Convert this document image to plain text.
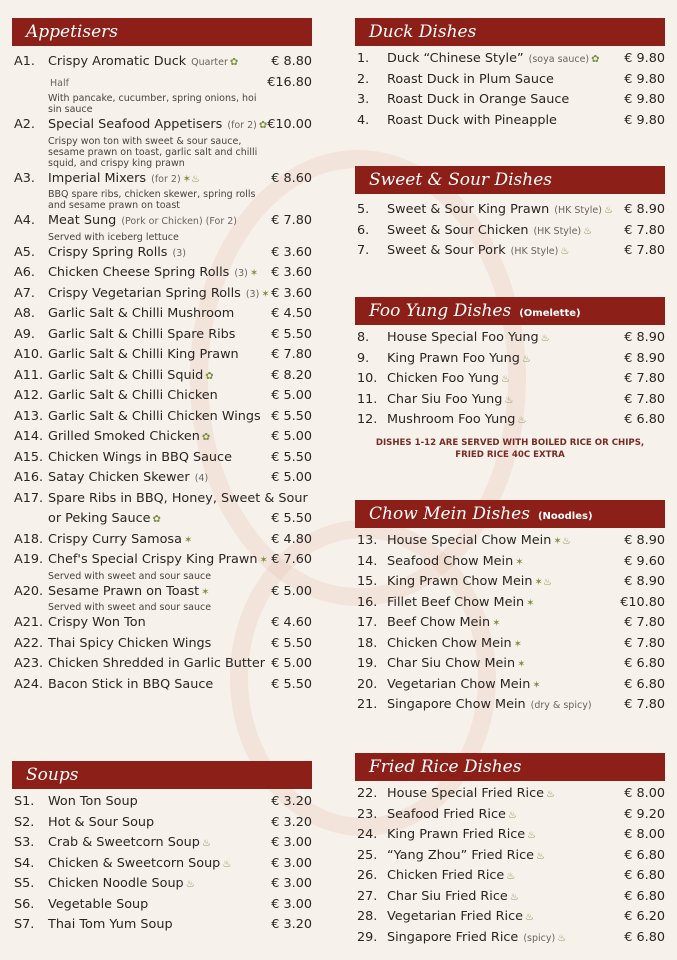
Appetisers
A1. Crispy Aromatic Duck Quarter ✿	€ 8.80
Half	€16.80
With pancake, cucumber, spring onions, hoi sin sauce
A2. Special Seafood Appetisers (for 2) ✿ €10.00
Crispy won ton with sweet & sour sauce, sesame prawn on toast, garlic salt and chilli squid, and crispy king prawn
A3. Imperial Mixers (for 2) ✶♨	€ 8.60
BBQ spare ribs, chicken skewer, spring rolls and sesame prawn on toast
A4. Meat Sung (Pork or Chicken) (For 2)	€ 7.80
Served with iceberg lettuce
A5. Crispy Spring Rolls (3)	€ 3.60
A6. Chicken Cheese Spring Rolls (3) ✶ € 3.60
A7. Crispy Vegetarian Spring Rolls (3) ✶ € 3.60
A8. Garlic Salt & Chilli Mushroom	€ 4.50
A9. Garlic Salt & Chilli Spare Ribs	€ 5.50
A10. Garlic Salt & Chilli King Prawn	€ 7.80
A11. Garlic Salt & Chilli Squid ✿	€ 8.20
A12. Garlic Salt & Chilli Chicken	€ 5.00
A13. Garlic Salt & Chilli Chicken Wings € 5.50
A14. Grilled Smoked Chicken ✿	€ 5.00
A15. Chicken Wings in BBQ Sauce	€ 5.50
A16. Satay Chicken Skewer (4)	€ 5.00
A17. Spare Ribs in BBQ, Honey, Sweet & Sour
or Peking Sauce ✿	€ 5.50
A18. Crispy Curry Samosa ✶	€ 4.80
A19. Chef's Special Crispy King Prawn ✶ € 7.60
Served with sweet and sour sauce
A20. Sesame Prawn on Toast ✶	€ 5.00
Served with sweet and sour sauce
A21. Crispy Won Ton	€ 4.60
A22. Thai Spicy Chicken Wings	€ 5.50
A23. Chicken Shredded in Garlic Butter € 5.00
A24. Bacon Stick in BBQ Sauce	€ 5.50
Soups
S1. Won Ton Soup	€ 3.20
S2. Hot & Sour Soup	€ 3.20
S3. Crab & Sweetcorn Soup ♨	€ 3.00
S4. Chicken & Sweetcorn Soup ♨	€ 3.00
S5. Chicken Noodle Soup ♨	€ 3.00
S6. Vegetable Soup	€ 3.00
S7. Thai Tom Yum Soup	€ 3.20
Duck Dishes
1. Duck “Chinese Style” (soya sauce) ✿ € 9.80
2. Roast Duck in Plum Sauce	€ 9.80
3. Roast Duck in Orange Sauce	€ 9.80
4. Roast Duck with Pineapple	€ 9.80
Sweet & Sour Dishes
5. Sweet & Sour King Prawn (HK Style) ♨ € 8.90
6. Sweet & Sour Chicken (HK Style) ♨	€ 7.80
7. Sweet & Sour Pork (HK Style) ♨	€ 7.80
Foo Yung Dishes (Omelette)
8. House Special Foo Yung ♨	€ 8.90
9. King Prawn Foo Yung ♨	€ 8.90
10. Chicken Foo Yung ♨	€ 7.80
11. Char Siu Foo Yung ♨	€ 7.80
12. Mushroom Foo Yung ♨	€ 6.80
DISHES 1-12 ARE SERVED WITH BOILED RICE OR CHIPS,
FRIED RICE 40C EXTRA
Chow Mein Dishes (Noodles)
13. House Special Chow Mein ✶♨	€ 8.90
14. Seafood Chow Mein ✶	€ 9.60
15. King Prawn Chow Mein ✶♨	€ 8.90
16. Fillet Beef Chow Mein ✶	€10.80
17. Beef Chow Mein ✶	€ 7.80
18. Chicken Chow Mein ✶	€ 7.80
19. Char Siu Chow Mein ✶	€ 6.80
20. Vegetarian Chow Mein ✶	€ 6.80
21. Singapore Chow Mein (dry & spicy)	€ 7.80
Fried Rice Dishes
22. House Special Fried Rice ♨	€ 8.00
23. Seafood Fried Rice ♨	€ 9.20
24. King Prawn Fried Rice ♨	€ 8.00
25. “Yang Zhou” Fried Rice ♨	€ 6.80
26. Chicken Fried Rice ♨	€ 6.80
27. Char Siu Fried Rice ♨	€ 6.80
28. Vegetarian Fried Rice ♨	€ 6.20
29. Singapore Fried Rice (spicy) ♨	€ 6.80
